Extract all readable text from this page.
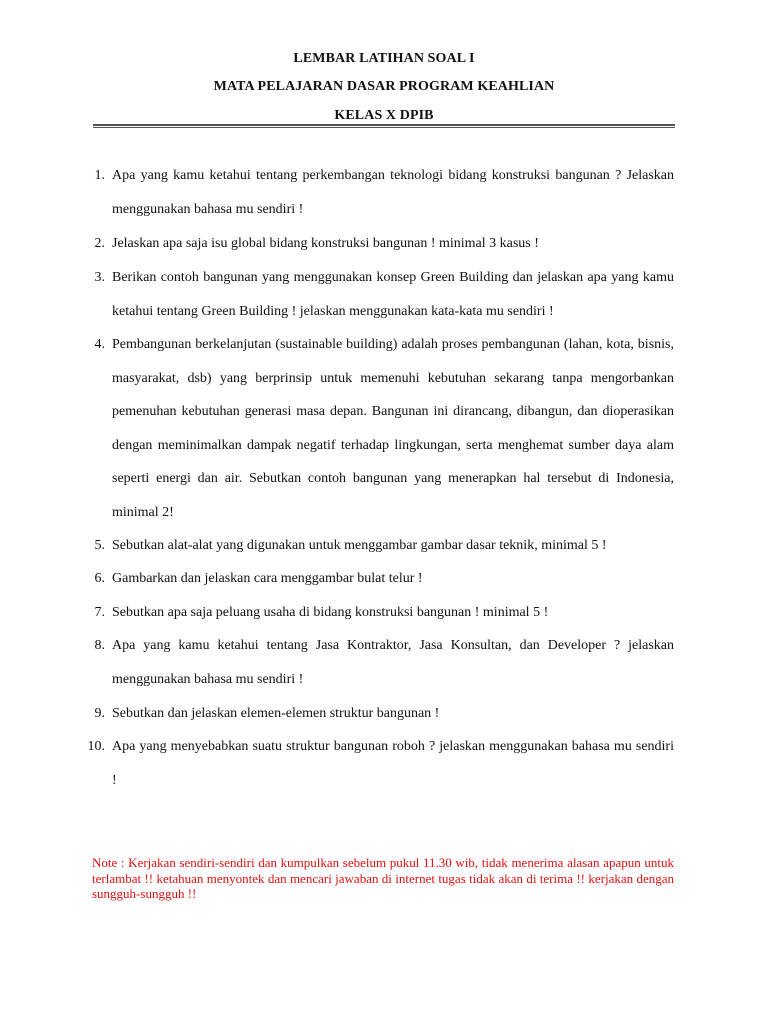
LEMBAR LATIHAN SOAL I
MATA PELAJARAN DASAR PROGRAM KEAHLIAN
KELAS X DPIB
1. Apa yang kamu ketahui tentang perkembangan teknologi bidang konstruksi bangunan ? Jelaskan menggunakan bahasa mu sendiri !
2. Jelaskan apa saja isu global bidang konstruksi bangunan ! minimal 3 kasus !
3. Berikan contoh bangunan yang menggunakan konsep Green Building dan jelaskan apa yang kamu ketahui tentang Green Building ! jelaskan menggunakan kata-kata mu sendiri !
4. Pembangunan berkelanjutan (sustainable building) adalah proses pembangunan (lahan, kota, bisnis, masyarakat, dsb) yang berprinsip untuk memenuhi kebutuhan sekarang tanpa mengorbankan pemenuhan kebutuhan generasi masa depan. Bangunan ini dirancang, dibangun, dan dioperasikan dengan meminimalkan dampak negatif terhadap lingkungan, serta menghemat sumber daya alam seperti energi dan air. Sebutkan contoh bangunan yang menerapkan hal tersebut di Indonesia, minimal 2!
5. Sebutkan alat-alat yang digunakan untuk menggambar gambar dasar teknik, minimal 5 !
6. Gambarkan dan jelaskan cara menggambar bulat telur !
7. Sebutkan apa saja peluang usaha di bidang konstruksi bangunan ! minimal 5 !
8. Apa yang kamu ketahui tentang Jasa Kontraktor, Jasa Konsultan, dan Developer ? jelaskan menggunakan bahasa mu sendiri !
9. Sebutkan dan jelaskan elemen-elemen struktur bangunan !
10. Apa yang menyebabkan suatu struktur bangunan roboh ? jelaskan menggunakan bahasa mu sendiri !
Note : Kerjakan sendiri-sendiri dan kumpulkan sebelum pukul 11.30 wib, tidak menerima alasan apapun untuk terlambat !! ketahuan menyontek dan mencari jawaban di internet tugas tidak akan di terima !! kerjakan dengan sungguh-sungguh !!
